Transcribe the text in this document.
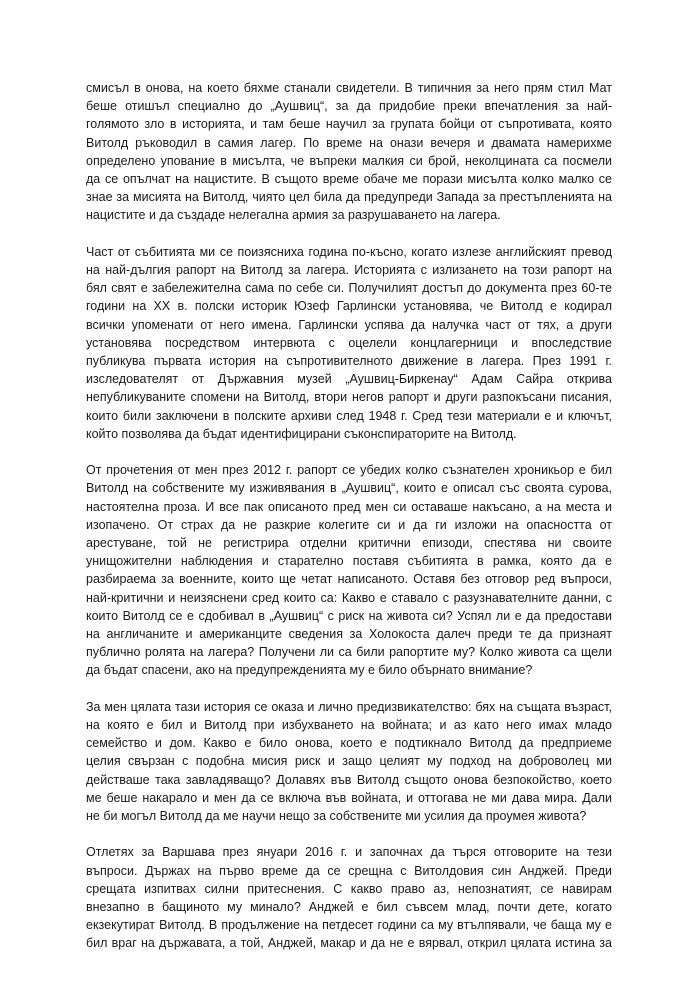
смисъл в онова, на което бяхме станали свидетели. В типичния за него прям стил Мат
беше отишъл специално до „Аушвиц“, за да придобие преки впечатления за най-
голямото зло в историята, и там беше научил за групата бойци от съпротивата, която
Витолд ръководил в самия лагер. По време на онази вечеря и двамата намерихме
определено упование в мисълта, че въпреки малкия си брой, неколцината са посмели
да се опълчат на нацистите. В същото време обаче ме порази мисълта колко малко се
знае за мисията на Витолд, чиято цел била да предупреди Запада за престъпленията на
нацистите и да създаде нелегална армия за разрушаването на лагера.
Част от събитията ми се поизясниха година по-късно, когато излезе английският превод
на най-дългия рапорт на Витолд за лагера. Историята с излизането на този рапорт на
бял свят е забележителна сама по себе си. Получилият достъп до документа през 60-те
години на XX в. полски историк Юзеф Гарлински установява, че Витолд е кодирал
всички упоменати от него имена. Гарлински успява да налучка част от тях, а други
установява посредством интервюта с оцелели концлагерници и впоследствие
публикува първата история на съпротивителното движение в лагера. През 1991 г.
изследователят от Държавния музей „Аушвиц-Биркенау“ Адам Сайра открива
непубликуваните спомени на Витолд, втори негов рапорт и други разпокъсани писания,
които били заключени в полските архиви след 1948 г. Сред тези материали е и ключът,
който позволява да бъдат идентифицирани съконспираторите на Витолд.
От прочетения от мен през 2012 г. рапорт се убедих колко съзнателен хроникьор е бил
Витолд на собствените му изживявания в „Аушвиц“, които е описал със своята сурова,
настоятелна проза. И все пак описаното пред мен си оставаше накъсано, а на места и
изопачено. От страх да не разкрие колегите си и да ги изложи на опасността от
арестуване, той не регистрира отделни критични епизоди, спестява ни своите
унищожителни наблюдения и старателно поставя събитията в рамка, която да е
разбираема за военните, които ще четат написаното. Оставя без отговор ред въпроси,
най-критични и неизяснени сред които са: Какво е ставало с разузнавателните данни, с
които Витолд се е сдобивал в „Аушвиц“ с риск на живота си? Успял ли е да предостави
на англичаните и американците сведения за Холокоста далеч преди те да признаят
публично ролята на лагера? Получени ли са били рапортите му? Колко живота са щели
да бъдат спасени, ако на предупрежденията му е било обърнато внимание?
За мен цялата тази история се оказа и лично предизвикателство: бях на същата възраст,
на която е бил и Витолд при избухването на войната; и аз като него имах младо
семейство и дом. Какво е било онова, което е подтикнало Витолд да предприеме
целия свързан с подобна мисия риск и защо целият му подход на доброволец ми
действаше така завладяващо? Долавях във Витолд същото онова безпокойство, което
ме беше накарало и мен да се включа във войната, и оттогава не ми дава мира. Дали
не би могъл Витолд да ме научи нещо за собствените ми усилия да проумея живота?
Отлетях за Варшава през януари 2016 г. и започнах да търся отговорите на тези
въпроси. Държах на първо време да се срещна с Витолдовия син Анджей. Преди
срещата изпитвах силни притеснения. С какво право аз, непознатият, се навирам
внезапно в бащиното му минало? Анджей е бил съвсем млад, почти дете, когато
екзекутират Витолд. В продължение на петдесет години са му втълпявали, че баща му е
бил враг на държавата, а той, Анджей, макар и да не е вярвал, открил цялата истина за
